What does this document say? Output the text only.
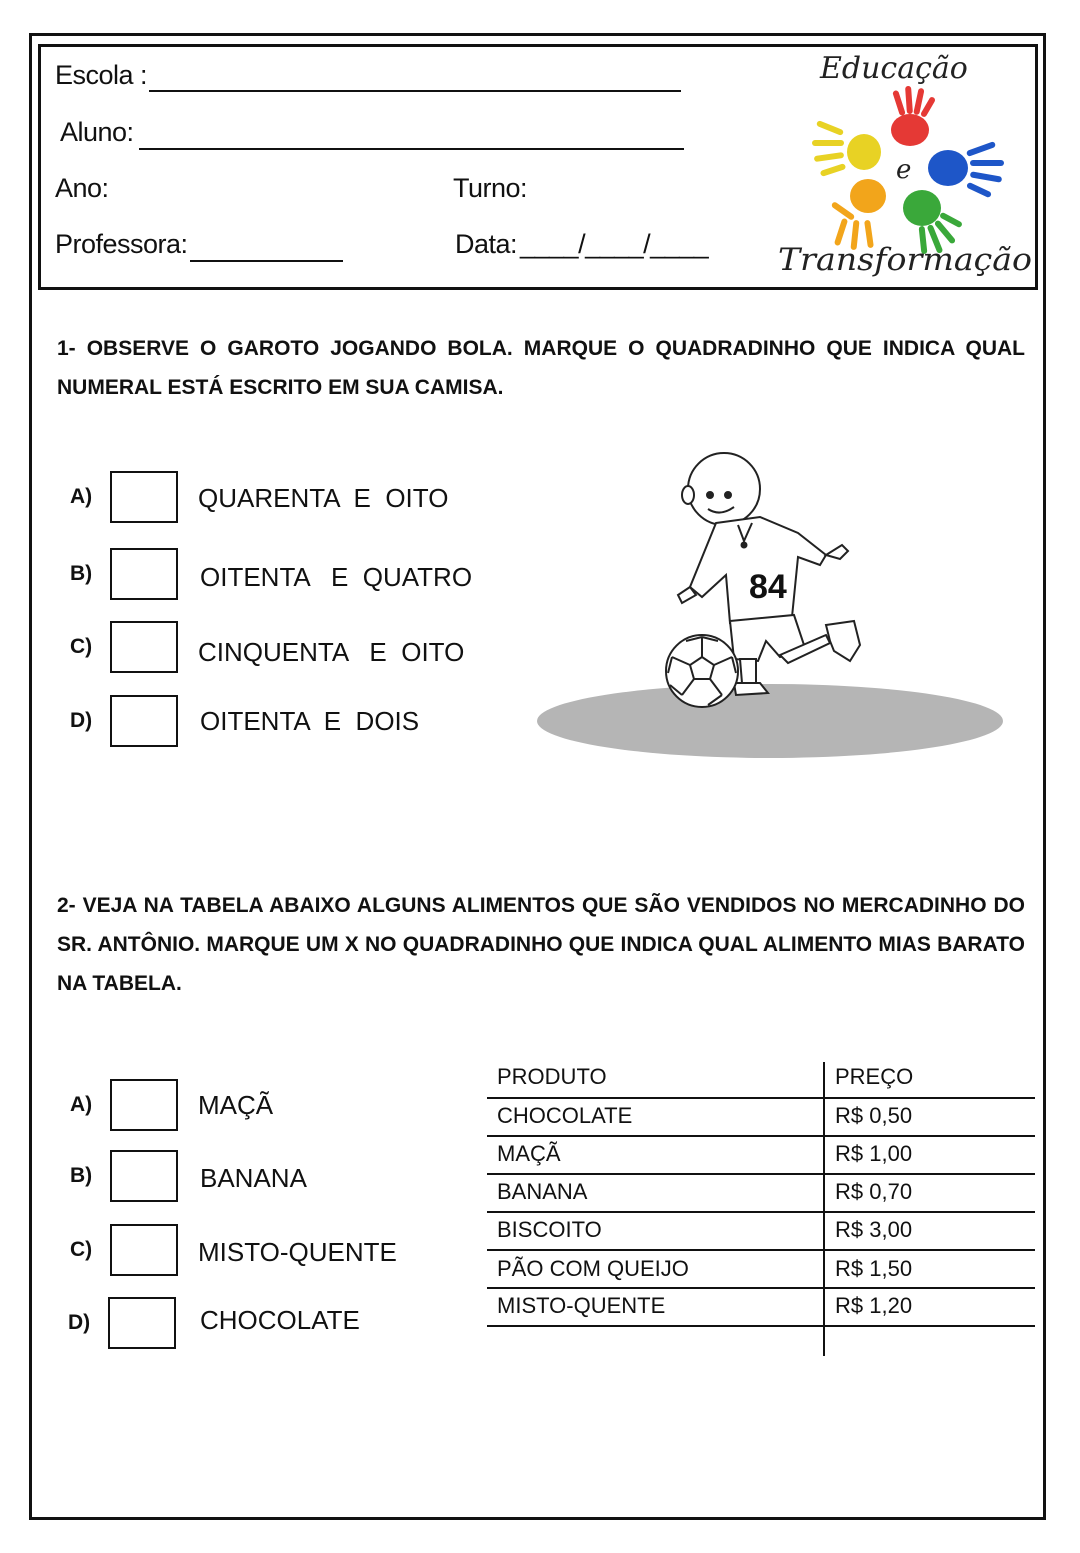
Escola :
Aluno:
Ano:	Turno:
Professora:	Data: ____/____/____
Educação
e
Transformação
1- OBSERVE O GAROTO JOGANDO BOLA. MARQUE O QUADRADINHO QUE INDICA QUAL NUMERAL ESTÁ ESCRITO EM SUA CAMISA.
A)	QUARENTA  E  OITO
B)	OITENTA   E  QUATRO
C)	CINQUENTA   E  OITO
D)	OITENTA  E  DOIS
84
2- VEJA NA TABELA ABAIXO ALGUNS ALIMENTOS QUE SÃO VENDIDOS NO MERCADINHO DO SR. ANTÔNIO. MARQUE UM X NO QUADRADINHO QUE INDICA QUAL ALIMENTO MIAS BARATO NA TABELA.
A)	MAÇÃ
B)	BANANA
C)	MISTO-QUENTE
D)	CHOCOLATE
PRODUTO	PREÇO
CHOCOLATE	R$ 0,50
MAÇÃ	R$ 1,00
BANANA	R$ 0,70
BISCOITO	R$ 3,00
PÃO COM QUEIJO	R$ 1,50
MISTO-QUENTE	R$ 1,20
